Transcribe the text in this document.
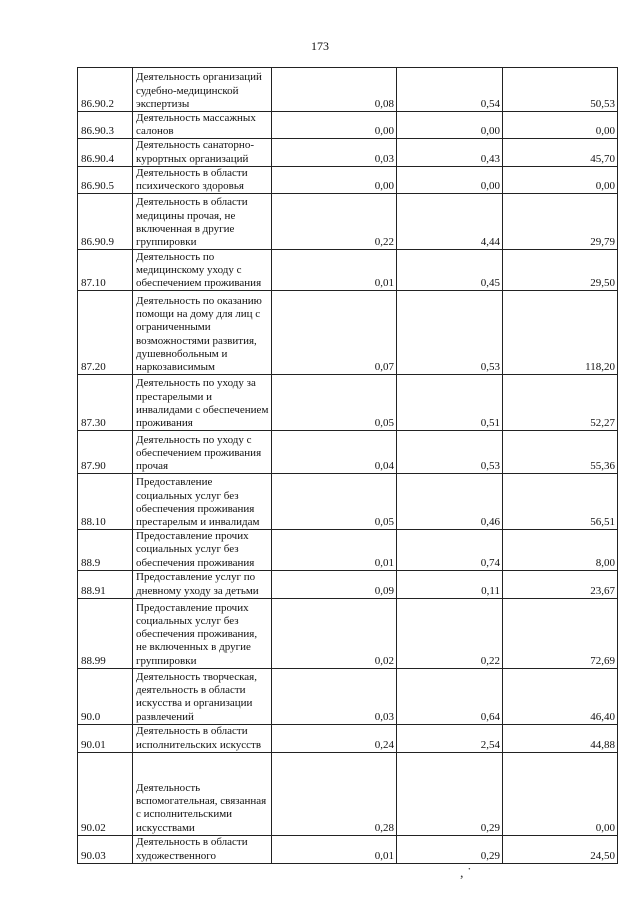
173
86.90.2	Деятельность организаций судебно-медицинской экспертизы	0,08	0,54	50,53
86.90.3	Деятельность массажных салонов	0,00	0,00	0,00
86.90.4	Деятельность санаторно-курортных организаций	0,03	0,43	45,70
86.90.5	Деятельность в области психического здоровья	0,00	0,00	0,00
86.90.9	Деятельность в области медицины прочая, не включенная в другие группировки	0,22	4,44	29,79
87.10	Деятельность по медицинскому уходу с обеспечением проживания	0,01	0,45	29,50
87.20	Деятельность по оказанию помощи на дому для лиц с ограниченными возможностями развития, душевнобольным и наркозависимым	0,07	0,53	118,20
87.30	Деятельность по уходу за престарелыми и инвалидами с обеспечением проживания	0,05	0,51	52,27
87.90	Деятельность по уходу с обеспечением проживания прочая	0,04	0,53	55,36
88.10	Предоставление социальных услуг без обеспечения проживания престарелым и инвалидам	0,05	0,46	56,51
88.9	Предоставление прочих социальных услуг без обеспечения проживания	0,01	0,74	8,00
88.91	Предоставление услуг по дневному уходу за детьми	0,09	0,11	23,67
88.99	Предоставление прочих социальных услуг без обеспечения проживания, не включенных в другие группировки	0,02	0,22	72,69
90.0	Деятельность творческая, деятельность в области искусства и организации развлечений	0,03	0,64	46,40
90.01	Деятельность в области исполнительских искусств	0,24	2,54	44,88
90.02	Деятельность вспомогательная, связанная с исполнительскими искусствами	0,28	0,29	0,00
90.03	Деятельность в области художественного	0,01	0,29	24,50
, ˙
